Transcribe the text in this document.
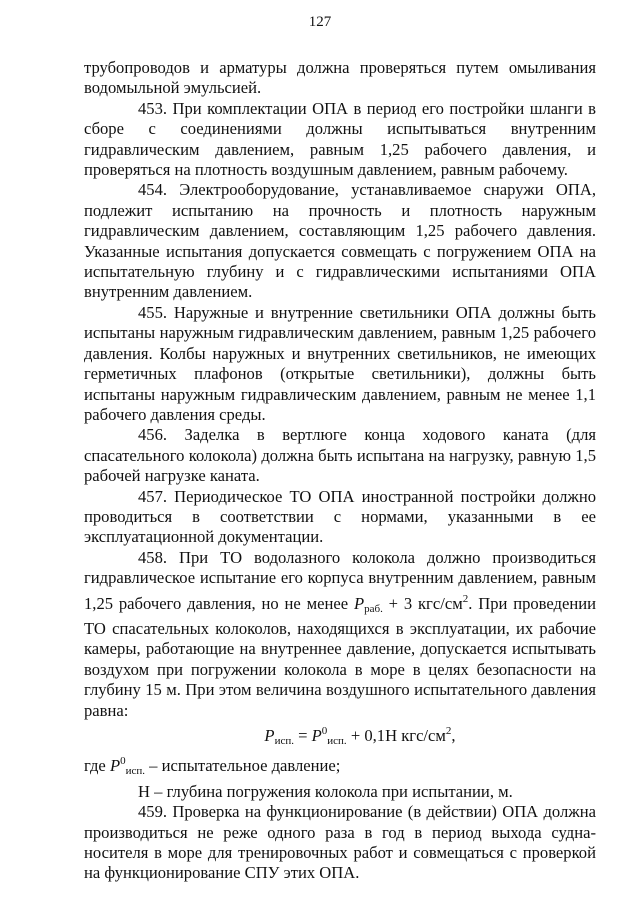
127

трубопроводов и арматуры должна проверяться путем омыливания водомыльной эмульсией.

453. При комплектации ОПА в период его постройки шланги в сборе с соединениями должны испытываться внутренним гидравлическим давлением, равным 1,25 рабочего давления, и проверяться на плотность воздушным давлением, равным рабочему.

454. Электрооборудование, устанавливаемое снаружи ОПА, подлежит испытанию на прочность и плотность наружным гидравлическим давлением, составляющим 1,25 рабочего давления. Указанные испытания допускается совмещать с погружением ОПА на испытательную глубину и с гидравлическими испытаниями ОПА внутренним давлением.

455. Наружные и внутренние светильники ОПА должны быть испытаны наружным гидравлическим давлением, равным 1,25 рабочего давления. Колбы наружных и внутренних светильников, не имеющих герметичных плафонов (открытые светильники), должны быть испытаны наружным гидравлическим давлением, равным не менее 1,1 рабочего давления среды.

456. Заделка в вертлюге конца ходового каната (для спасательного колокола) должна быть испытана на нагрузку, равную 1,5 рабочей нагрузке каната.

457. Периодическое ТО ОПА иностранной постройки должно проводиться в соответствии с нормами, указанными в ее эксплуатационной документации.

458. При ТО водолазного колокола должно производиться гидравлическое испытание его корпуса внутренним давлением, равным 1,25 рабочего давления, но не менее $P_{раб.} + 3$ кгс/$см^2$. При проведении ТО спасательных колоколов, находящихся в эксплуатации, их рабочие камеры, работающие на внутреннее давление, допускается испытывать воздухом при погружении колокола в море в целях безопасности на глубину 15 м. При этом величина воздушного испытательного давления равна:

$P_{исп.} = P^0_{исп.} + 0,1H$ кгс/$см^2$,

где $P^0_{исп.}$ – испытательное давление;

Н – глубина погружения колокола при испытании, м.

459. Проверка на функционирование (в действии) ОПА должна производиться не реже одного раза в год в период выхода судна-носителя в море для тренировочных работ и совмещаться с проверкой на функционирование СПУ этих ОПА.
